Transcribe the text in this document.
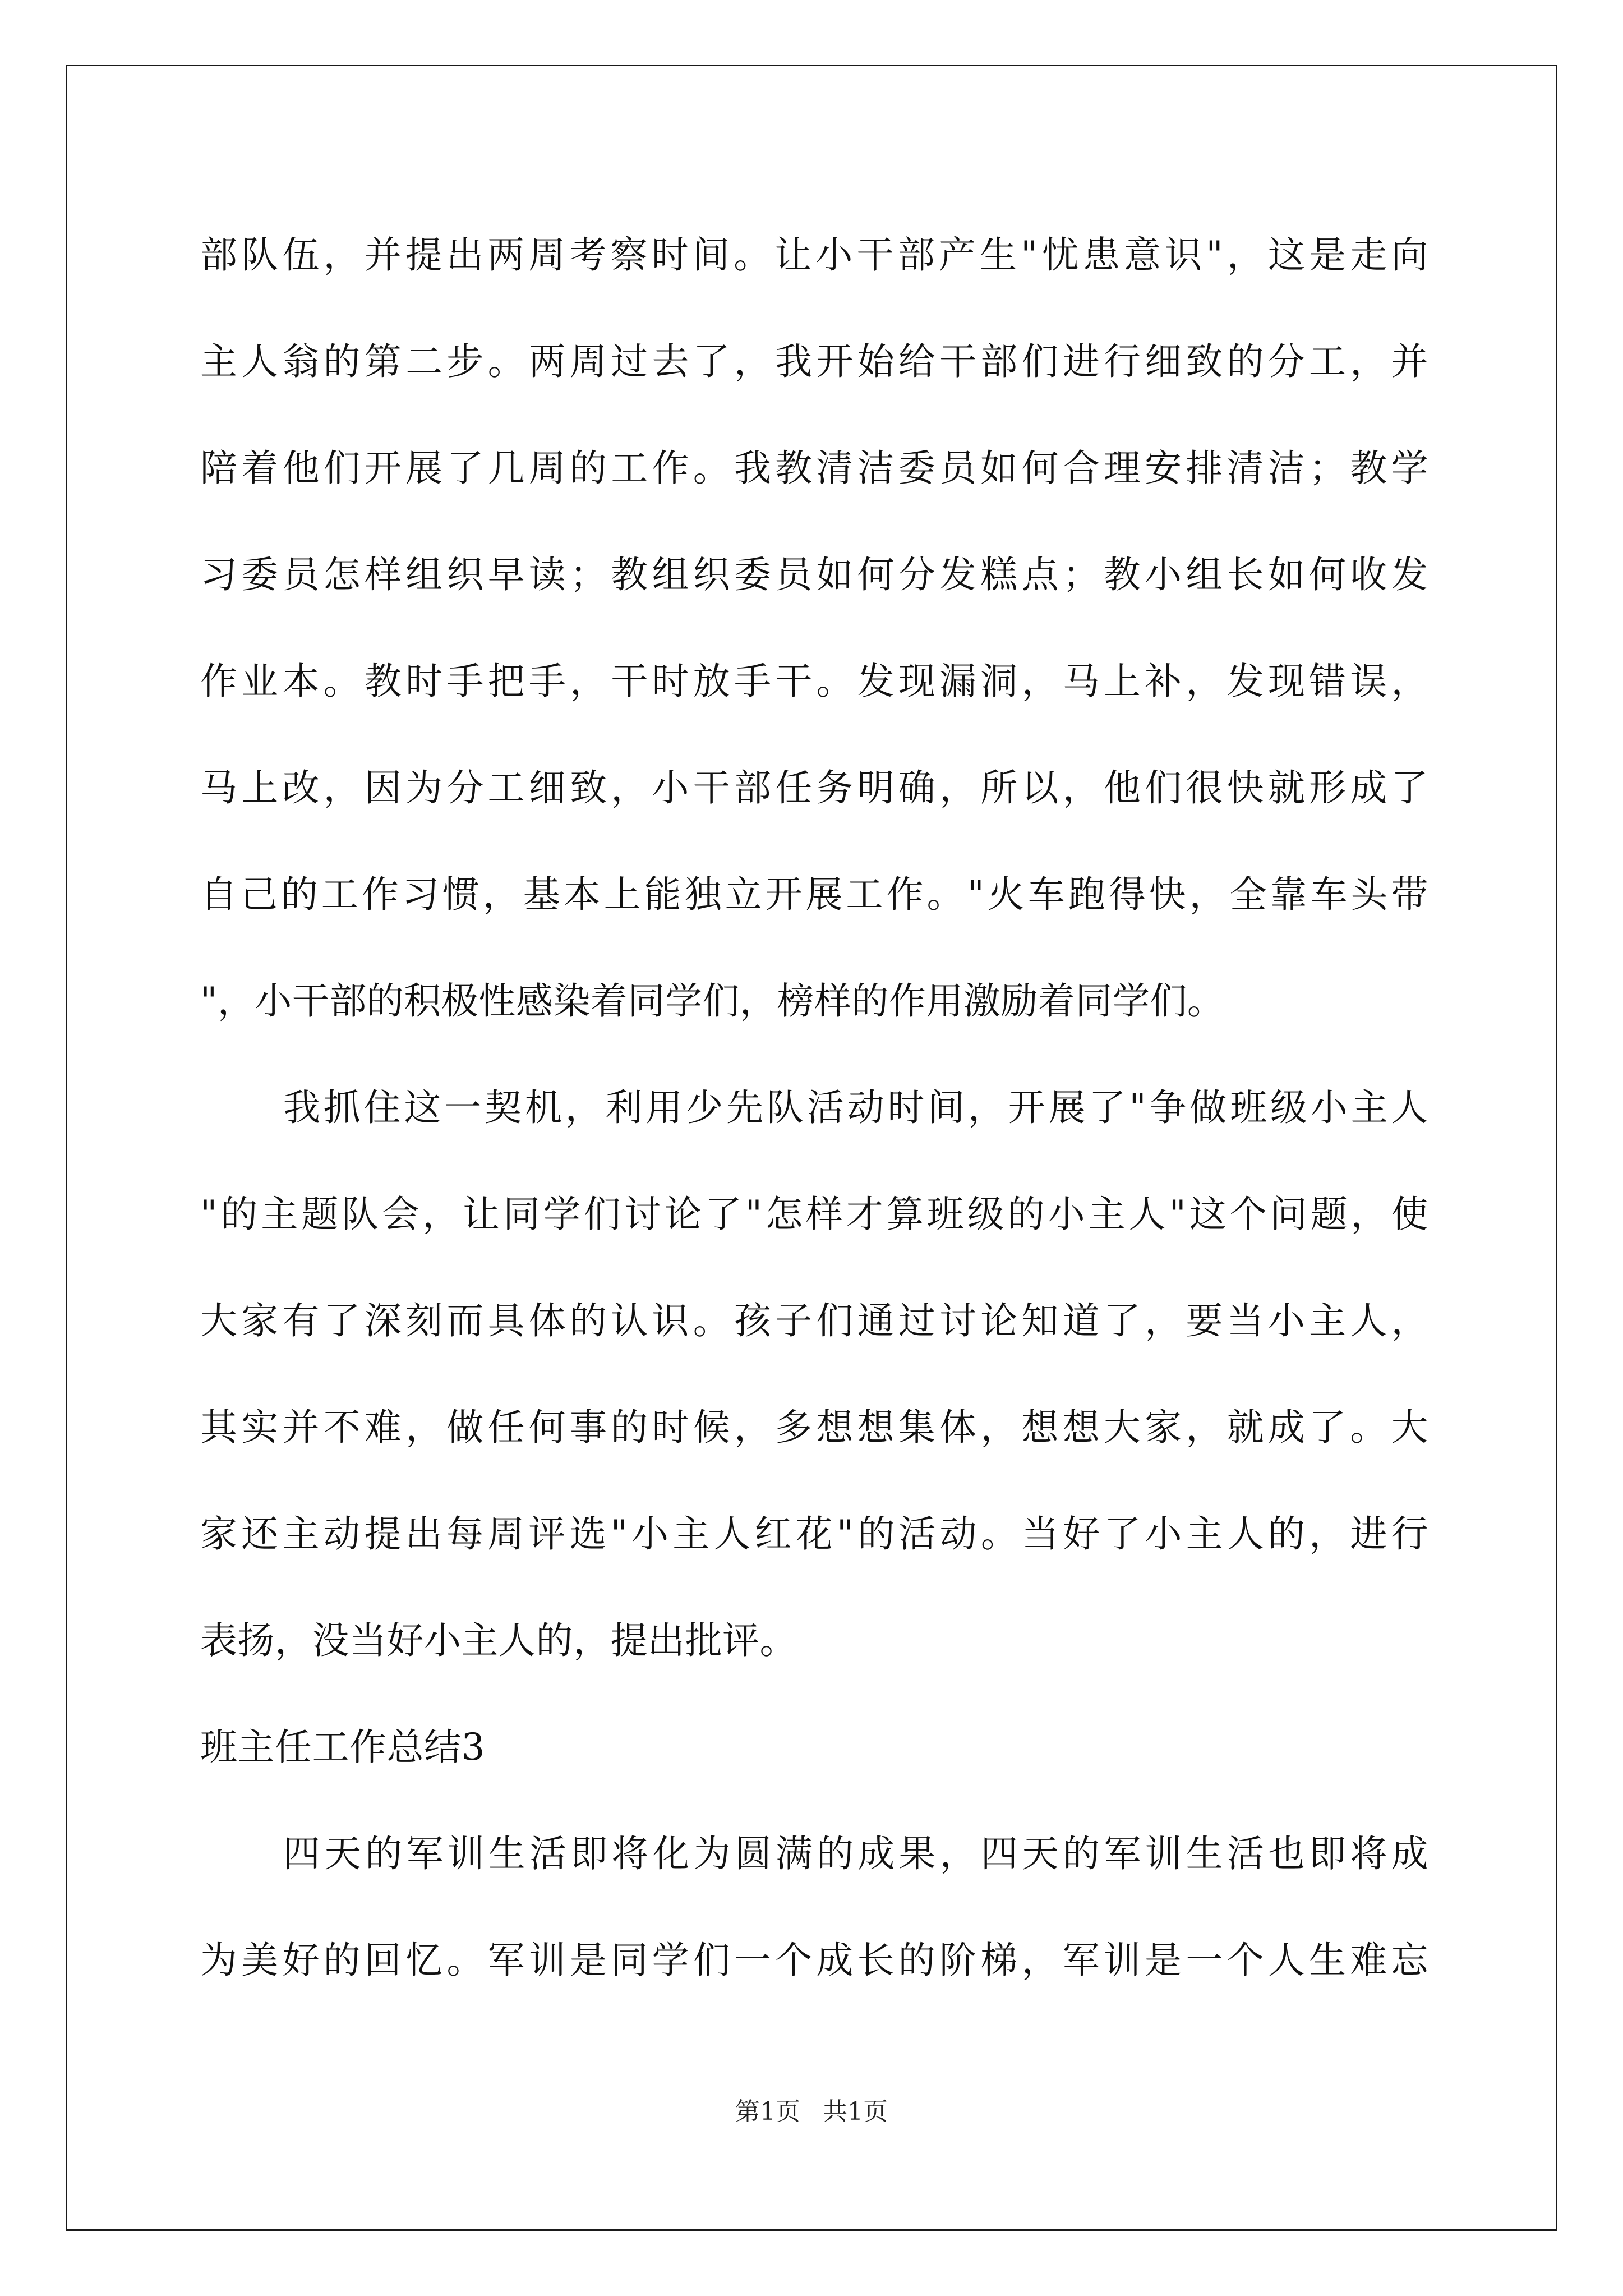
部队伍，并提出两周考察时间。让小干部产生"忧患意识"，这是走向
主人翁的第二步。两周过去了，我开始给干部们进行细致的分工，并
陪着他们开展了几周的工作。我教清洁委员如何合理安排清洁；教学
习委员怎样组织早读；教组织委员如何分发糕点；教小组长如何收发
作业本。教时手把手，干时放手干。发现漏洞，马上补，发现错误，
马上改，因为分工细致，小干部任务明确，所以，他们很快就形成了
自己的工作习惯，基本上能独立开展工作。"火车跑得快，全靠车头带
"，小干部的积极性感染着同学们，榜样的作用激励着同学们。
我抓住这一契机，利用少先队活动时间，开展了"争做班级小主人
"的主题队会，让同学们讨论了"怎样才算班级的小主人"这个问题，使
大家有了深刻而具体的认识。孩子们通过讨论知道了，要当小主人，
其实并不难，做任何事的时候，多想想集体，想想大家，就成了。大
家还主动提出每周评选"小主人红花"的活动。当好了小主人的，进行
表扬，没当好小主人的，提出批评。
班主任工作总结3
四天的军训生活即将化为圆满的成果，四天的军训生活也即将成
为美好的回忆。军训是同学们一个成长的阶梯，军训是一个人生难忘
第1页 共1页
